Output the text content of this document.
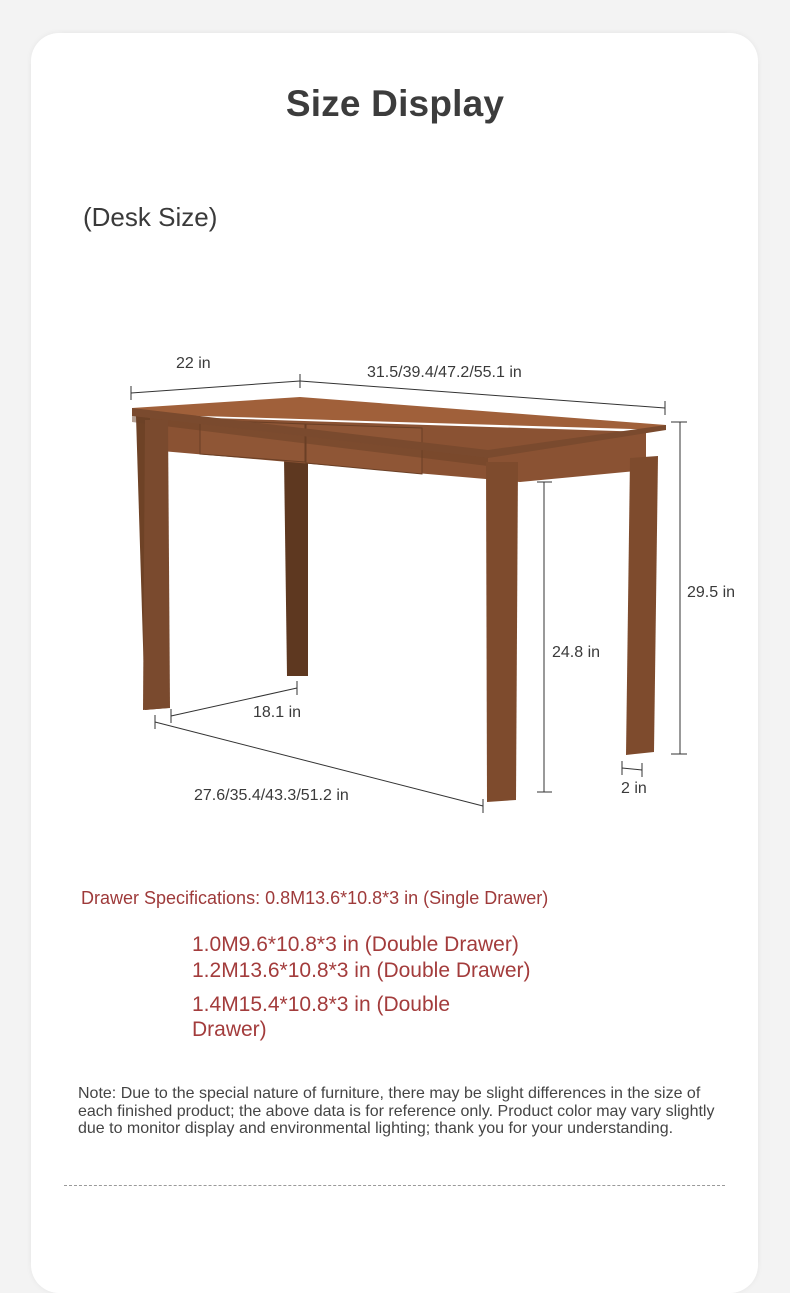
Size Display
(Desk Size)
22 in
31.5/39.4/47.2/55.1 in
29.5 in
24.8 in
18.1 in
27.6/35.4/43.3/51.2 in	2 in
Drawer Specifications: 0.8M13.6*10.8*3 in (Single Drawer)
1.0M9.6*10.8*3 in (Double Drawer)
1.2M13.6*10.8*3 in (Double Drawer)
1.4M15.4*10.8*3 in (Double Drawer)
Note: Due to the special nature of furniture, there may be slight differences in the size of each finished product; the above data is for reference only. Product color may vary slightly due to monitor display and environmental lighting; thank you for your understanding.
